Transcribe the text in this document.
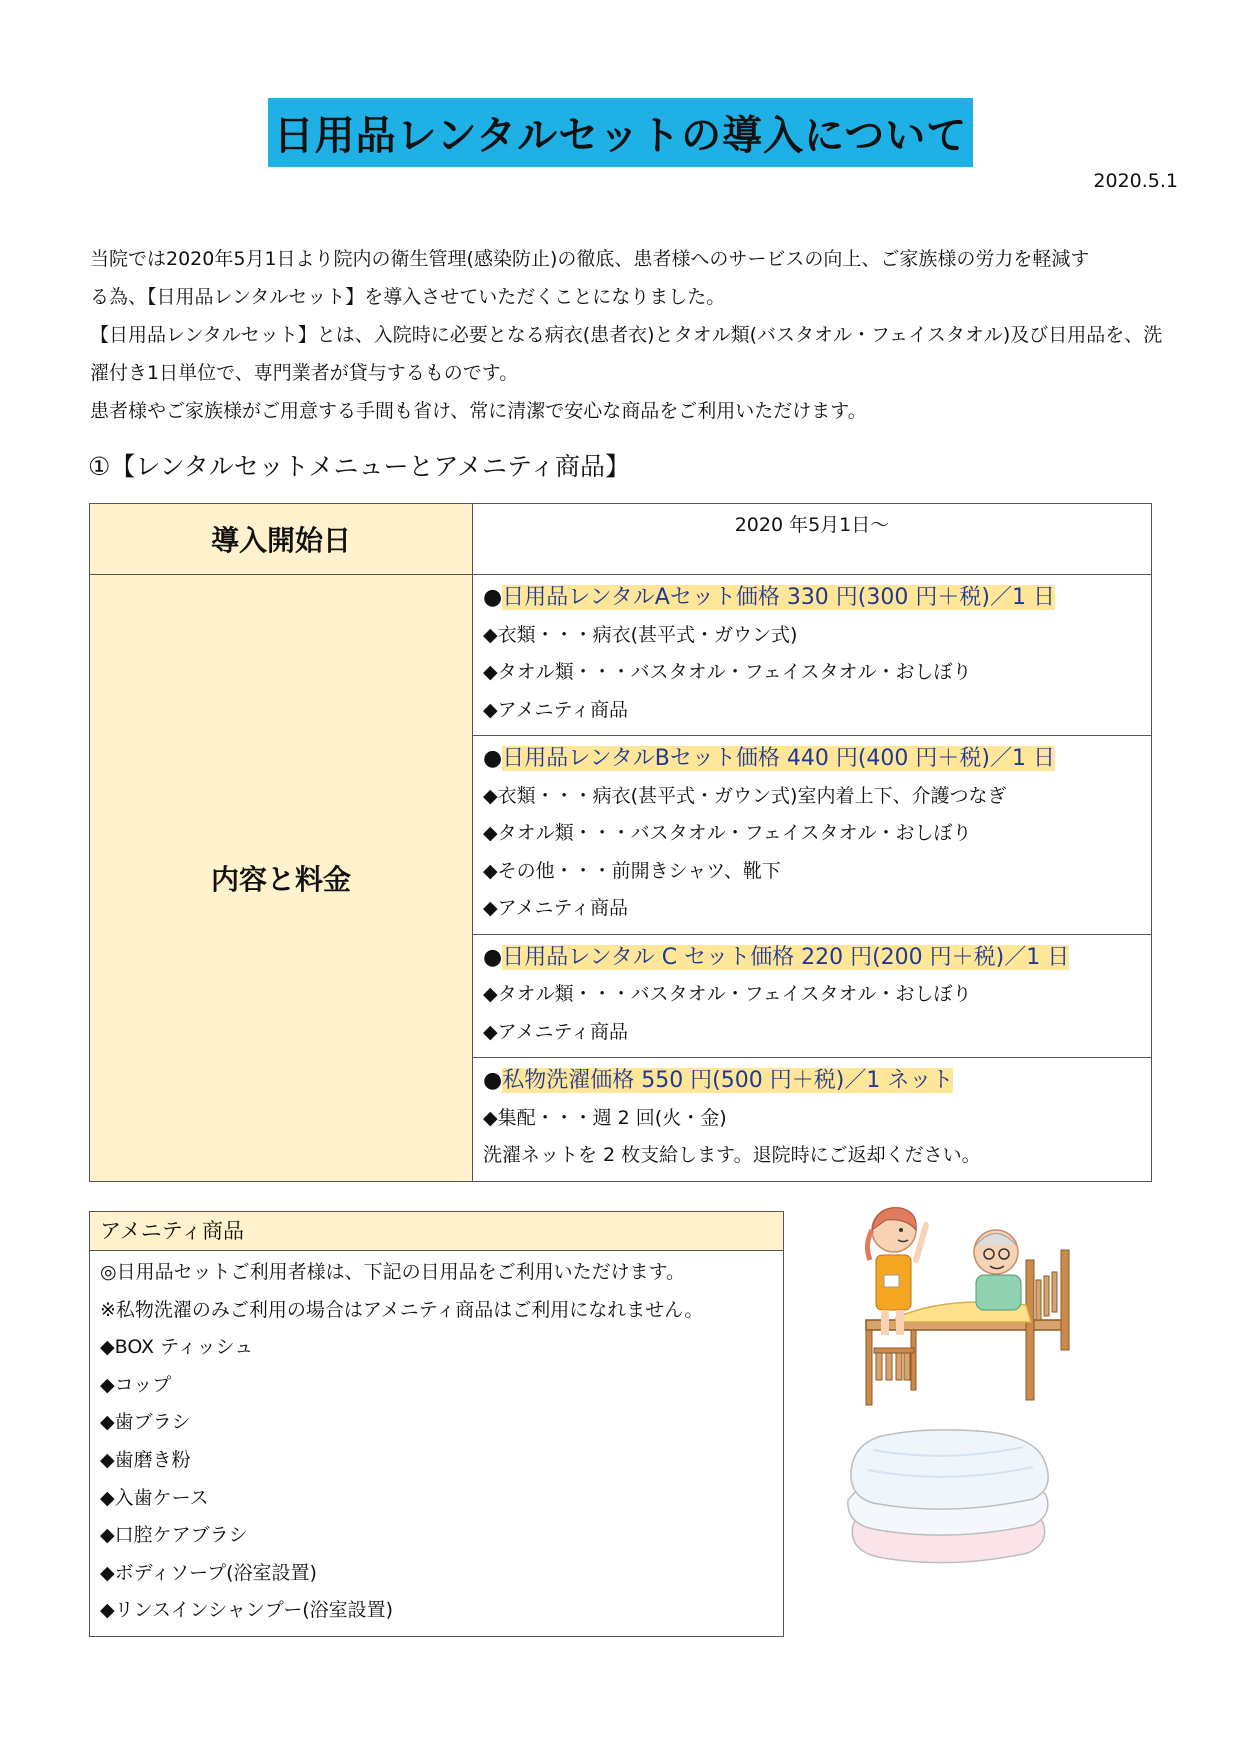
日用品レンタルセットの導入について
2020.5.1

当院では2020年5月1日より院内の衛生管理(感染防止)の徹底、患者様へのサービスの向上、ご家族様の労力を軽減す

る為、【日用品レンタルセット】を導入させていただくことになりました。

【日用品レンタルセット】とは、入院時に必要となる病衣(患者衣)とタオル類(バスタオル・フェイスタオル)及び日用品を、洗

濯付き1日単位で、専門業者が貸与するものです。

患者様やご家族様がご用意する手間も省け、常に清潔で安心な商品をご利用いただけます。

①【レンタルセットメニューとアメニティ商品】
導入開始日	2020 年5月1日～
内容と料金	●日用品レンタルAセット価格 330 円(300 円＋税)／1 日
◆衣類・・・病衣(甚平式・ガウン式)
◆タオル類・・・バスタオル・フェイスタオル・おしぼり
◆アメニティ商品

	●日用品レンタルBセット価格 440 円(400 円＋税)／1 日
◆衣類・・・病衣(甚平式・ガウン式)室内着上下、介護つなぎ
◆タオル類・・・バスタオル・フェイスタオル・おしぼり
◆その他・・・前開きシャツ、靴下
◆アメニティ商品

	●日用品レンタル C セット価格 220 円(200 円＋税)／1 日
◆タオル類・・・バスタオル・フェイスタオル・おしぼり
◆アメニティ商品

	●私物洗濯価格 550 円(500 円＋税)／1 ネット
◆集配・・・週 2 回(火・金)
洗濯ネットを 2 枚支給します。退院時にご返却ください。
アメニティ商品
◎日用品セットご利用者様は、下記の日用品をご利用いただけます。
※私物洗濯のみご利用の場合はアメニティ商品はご利用になれません。
◆BOX ティッシュ
◆コップ
◆歯ブラシ
◆歯磨き粉
◆入歯ケース
◆口腔ケアブラシ
◆ボディソープ(浴室設置)
◆リンスインシャンプー(浴室設置)
